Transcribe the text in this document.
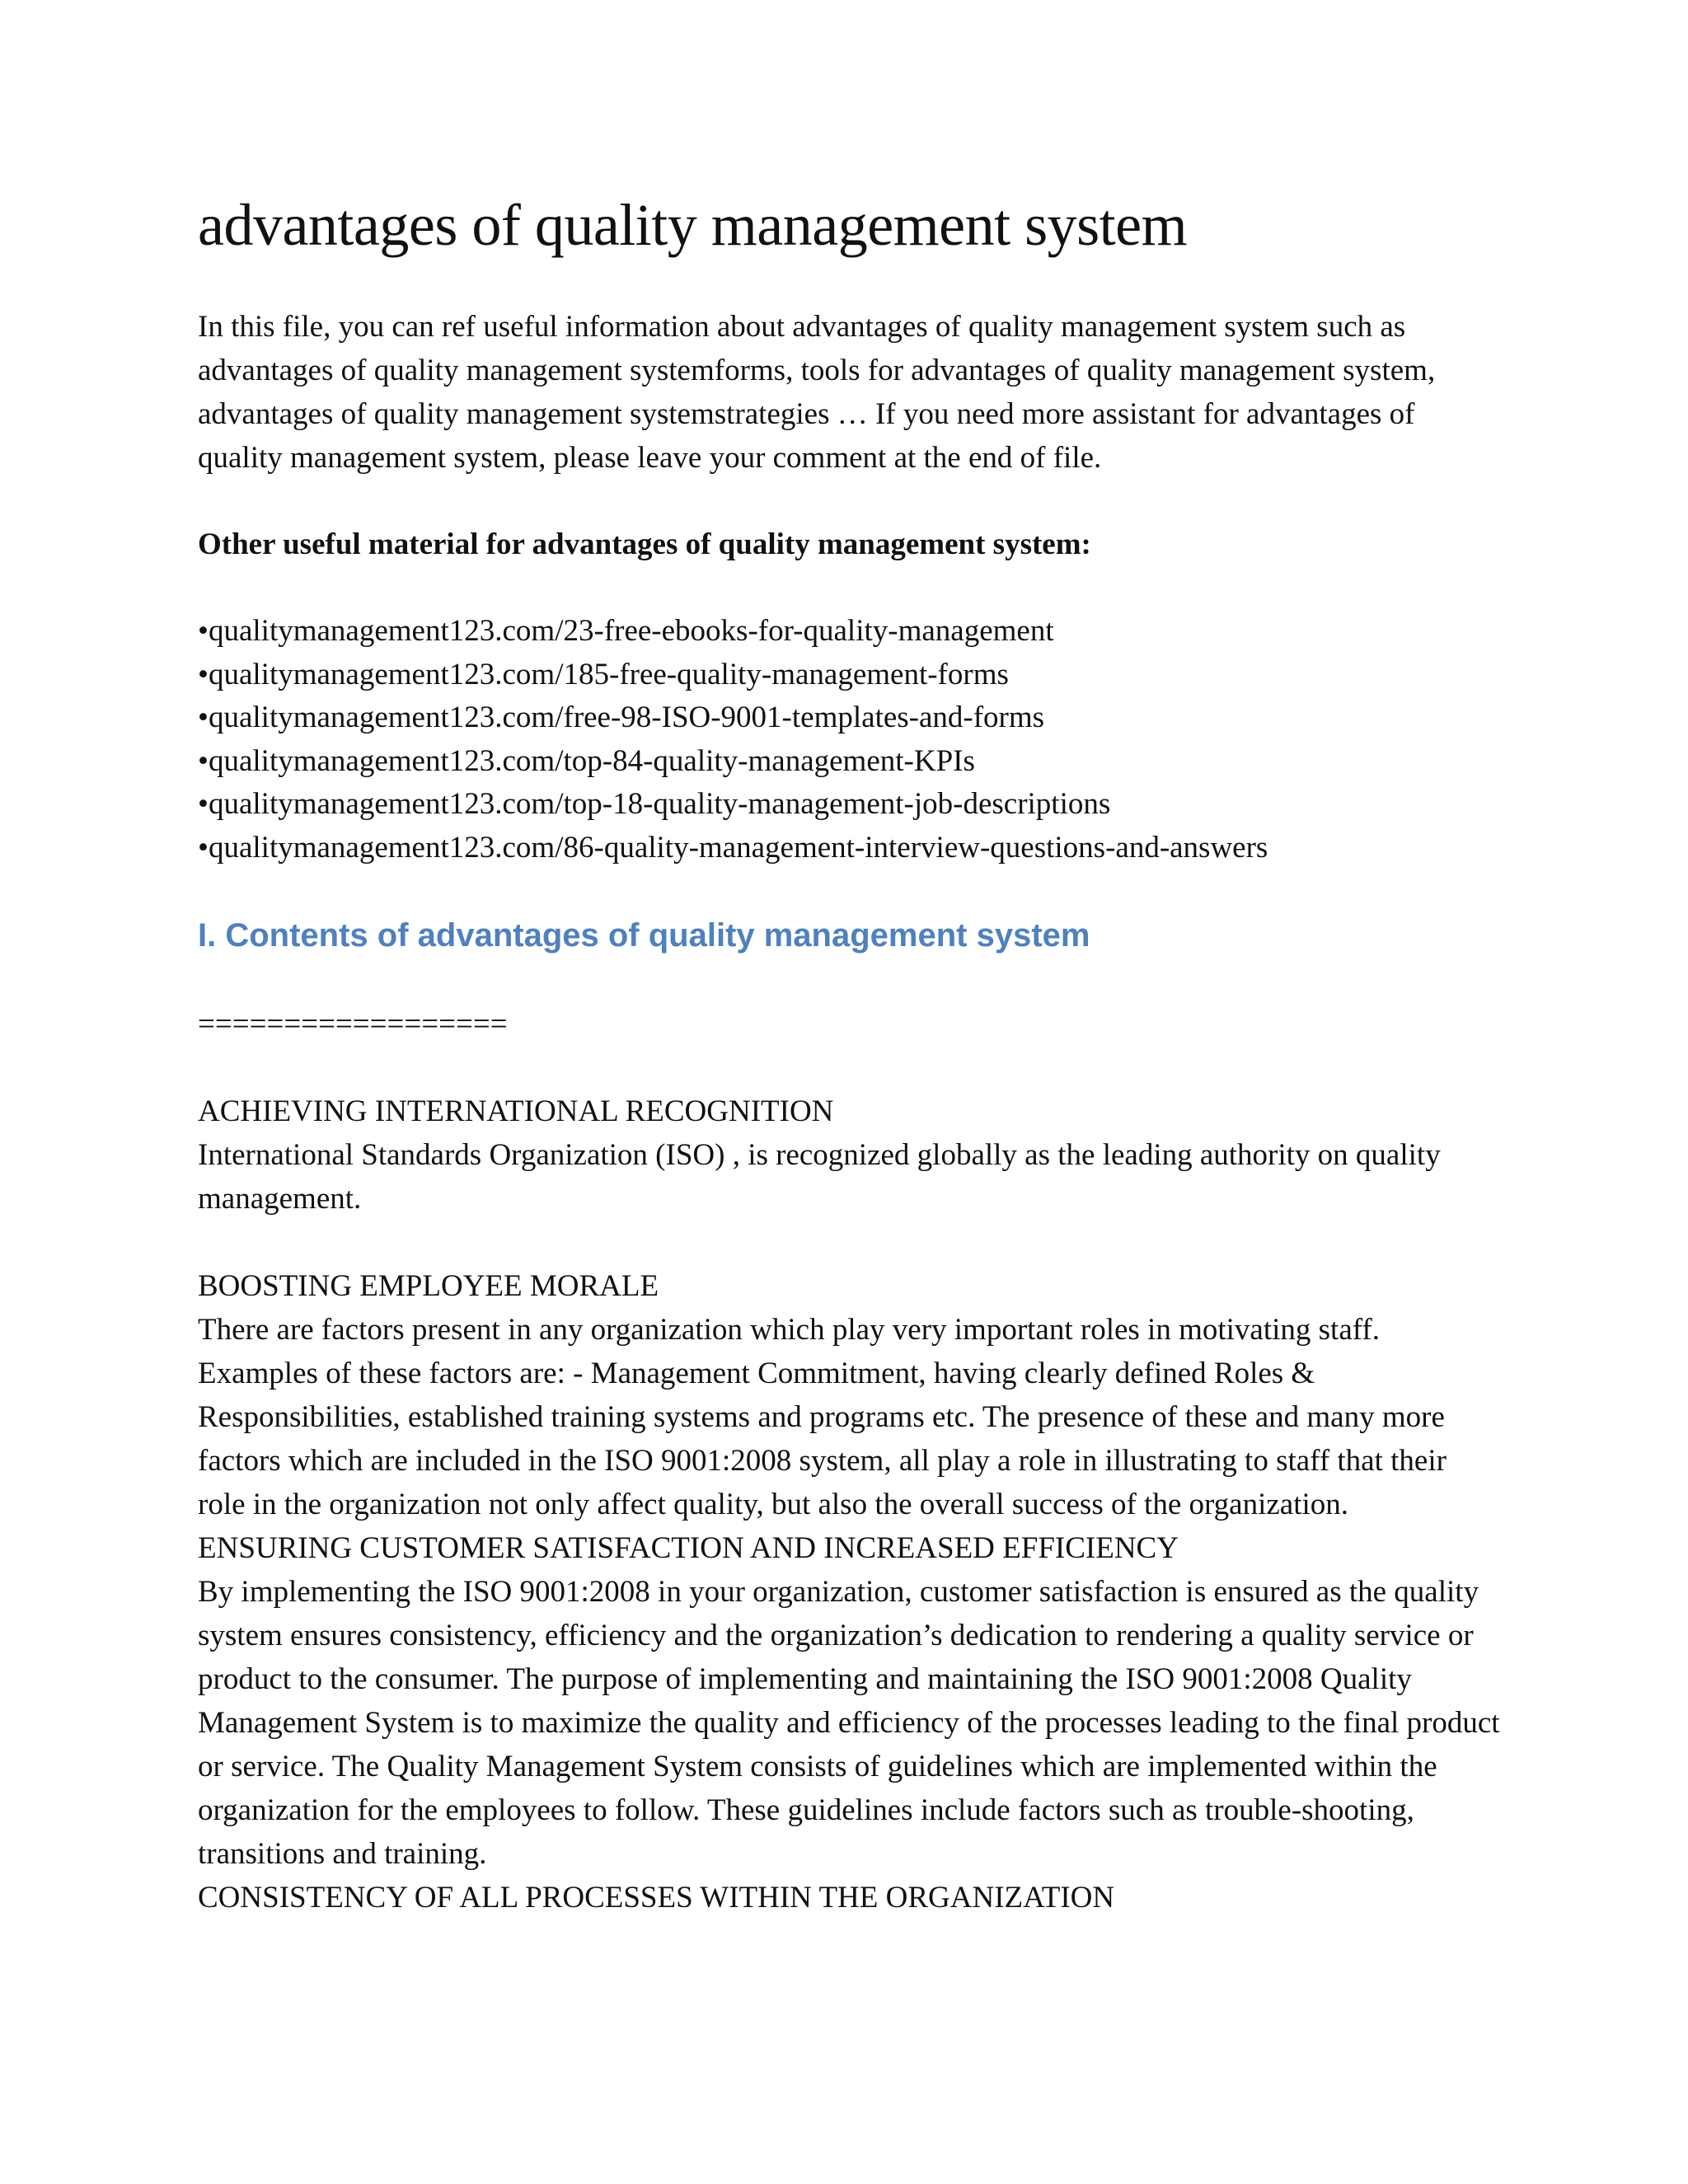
advantages of quality management system

In this file, you can ref useful information about advantages of quality management system such as advantages of quality management systemforms, tools for advantages of quality management system, advantages of quality management systemstrategies … If you need more assistant for advantages of quality management system, please leave your comment at the end of file.

Other useful material for advantages of quality management system:
• qualitymanagement123.com/23-free-ebooks-for-quality-management
• qualitymanagement123.com/185-free-quality-management-forms
• qualitymanagement123.com/free-98-ISO-9001-templates-and-forms
• qualitymanagement123.com/top-84-quality-management-KPIs
• qualitymanagement123.com/top-18-quality-management-job-descriptions
• qualitymanagement123.com/86-quality-management-interview-questions-and-answers
I. Contents of advantages of quality management system
==================
ACHIEVING INTERNATIONAL RECOGNITION
International Standards Organization (ISO) , is recognized globally as the leading authority on quality management.
BOOSTING EMPLOYEE MORALE
There are factors present in any organization which play very important roles in motivating staff. Examples of these factors are: - Management Commitment, having clearly defined Roles & Responsibilities, established training systems and programs etc. The presence of these and many more factors which are included in the ISO 9001:2008 system, all play a role in illustrating to staff that their role in the organization not only affect quality, but also the overall success of the organization.
ENSURING CUSTOMER SATISFACTION AND INCREASED EFFICIENCY
By implementing the ISO 9001:2008 in your organization, customer satisfaction is ensured as the quality system ensures consistency, efficiency and the organization’s dedication to rendering a quality service or product to the consumer. The purpose of implementing and maintaining the ISO 9001:2008 Quality Management System is to maximize the quality and efficiency of the processes leading to the final product or service. The Quality Management System consists of guidelines which are implemented within the organization for the employees to follow. These guidelines include factors such as trouble-shooting, transitions and training.
CONSISTENCY OF ALL PROCESSES WITHIN THE ORGANIZATION
